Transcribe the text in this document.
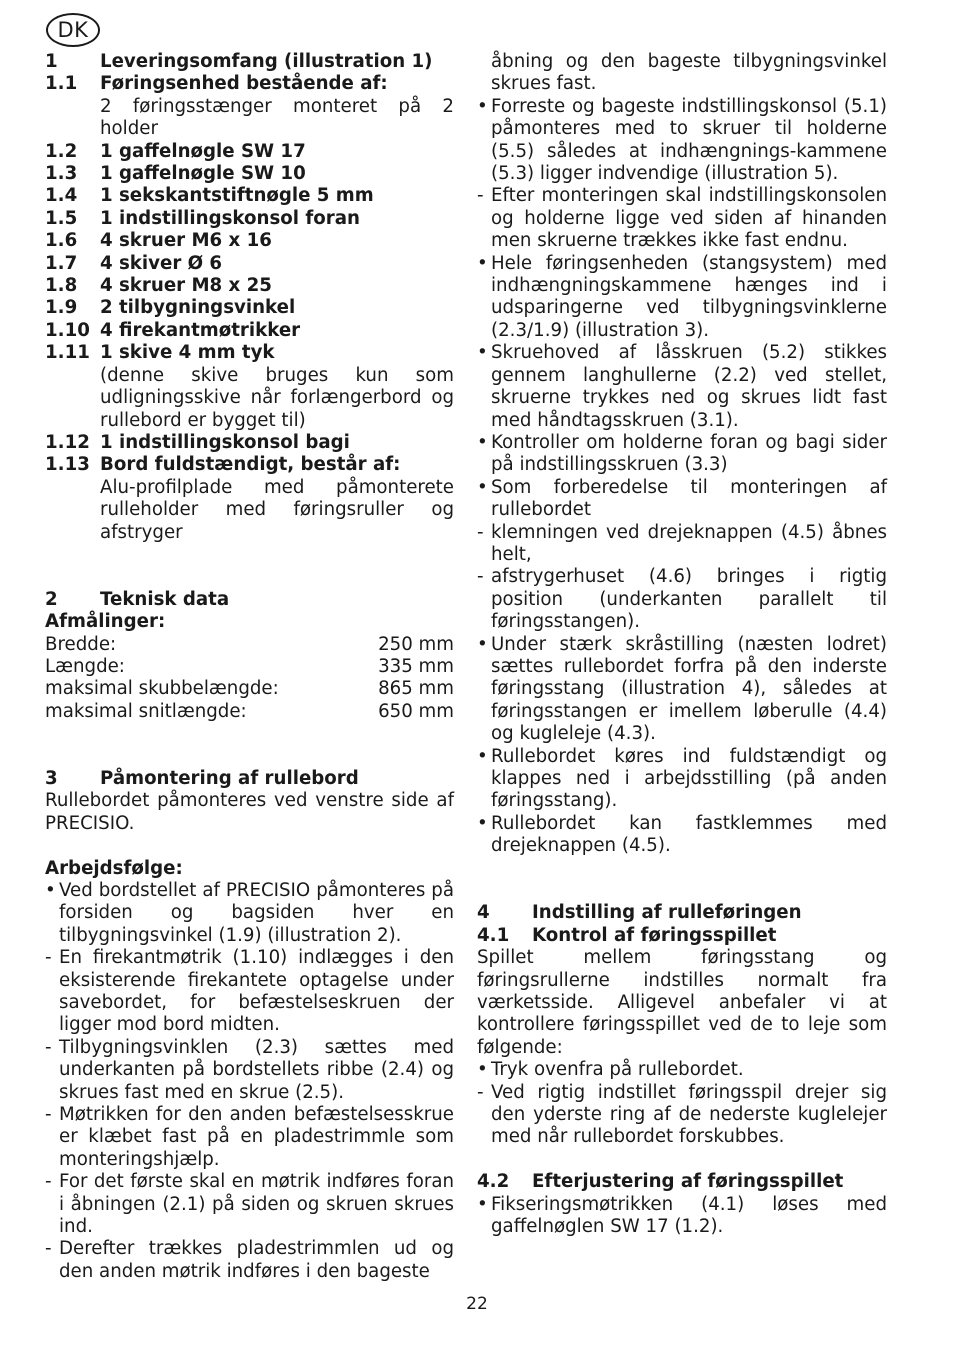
DK
1	Leveringsomfang (illustration 1)
1.1	Føringsenhed bestående af:
2 føringsstænger monteret på 2 holder
1.2	1 gaffelnøgle SW 17
1.3	1 gaffelnøgle SW 10
1.4	1 sekskantstiftnøgle 5 mm
1.5	1 indstillingskonsol foran
1.6	4 skruer M6 x 16
1.7	4 skiver Ø 6
1.8	4 skruer M8 x 25
1.9	2 tilbygningsvinkel
1.10 4 firekantmøtrikker
1.11 1 skive 4 mm tyk
(denne skive bruges kun som udligningsskive når forlængerbord og rullebord er bygget til)
1.12 1 indstillingskonsol bagi
1.13 Bord fuldstændigt, består af:
Alu-profilplade med påmonterete rulleholder med føringsruller og afstryger
2	Teknisk data
Afmålinger:
Bredde:	250 mm
Længde:	335 mm
maksimal skubbelængde:	865 mm
maksimal snitlængde:	650 mm
3	Påmontering af rullebord
Rullebordet påmonteres ved venstre side af PRECISIO.
Arbejdsfølge:
• Ved bordstellet af PRECISIO påmonteres på forsiden og bagsiden hver en tilbygningsvinkel (1.9) (illustration 2).
- En firekantmøtrik (1.10) indlægges i den eksisterende firekantete optagelse under savebordet, for befæstelseskruen der ligger mod bord midten.
- Tilbygningsvinklen (2.3) sættes med underkanten på bordstellets ribbe (2.4) og skrues fast med en skrue (2.5).
- Møtrikken for den anden befæstelsesskrue er klæbet fast på en pladestrimmle som monteringshjælp.
- For det første skal en møtrik indføres foran i åbningen (2.1) på siden og skruen skrues ind.
- Derefter trækkes pladestrimmlen ud og den anden møtrik indføres i den bageste
åbning og den bageste tilbygningsvinkel skrues fast.
• Forreste og bageste indstillingskonsol (5.1) påmonteres med to skruer til holderne (5.5) således at indhængnings-kammene (5.3) ligger indvendige (illustration 5).
- Efter monteringen skal indstillingskonsolen og holderne ligge ved siden af hinanden men skruerne trækkes ikke fast endnu.
• Hele føringsenheden (stangsystem) med indhængningskammene hænges ind i udsparingerne ved tilbygningsvinklerne (2.3/1.9) (illustration 3).
• Skruehoved af låsskruen (5.2) stikkes gennem langhullerne (2.2) ved stellet, skruerne trykkes ned og skrues lidt fast med håndtagsskruen (3.1).
• Kontroller om holderne foran og bagi sider på indstillingsskruen (3.3)
• Som forberedelse til monteringen af rullebordet
- klemningen ved drejeknappen (4.5) åbnes helt,
- afstrygerhuset (4.6) bringes i rigtig position (underkanten parallelt til føringsstangen).
• Under stærk skråstilling (næsten lodret) sættes rullebordet forfra på den inderste føringsstang (illustration 4), således at føringsstangen er imellem løberulle (4.4) og kugleleje (4.3).
• Rullebordet køres ind fuldstændigt og klappes ned i arbejdsstilling (på anden føringsstang).
• Rullebordet kan fastklemmes med drejeknappen (4.5).
4	Indstilling af rulleføringen
4.1	Kontrol af føringsspillet
Spillet mellem føringsstang og føringsrullerne indstilles normalt fra værketsside. Alligevel anbefaler vi at kontrollere føringsspillet ved de to leje som følgende:
• Tryk ovenfra på rullebordet.
- Ved rigtig indstillet føringsspil drejer sig den yderste ring af de nederste kuglelejer med når rullebordet forskubbes.
4.2	Efterjustering af føringsspillet
• Fikseringsmøtrikken (4.1) løses med gaffelnøglen SW 17 (1.2).
22
